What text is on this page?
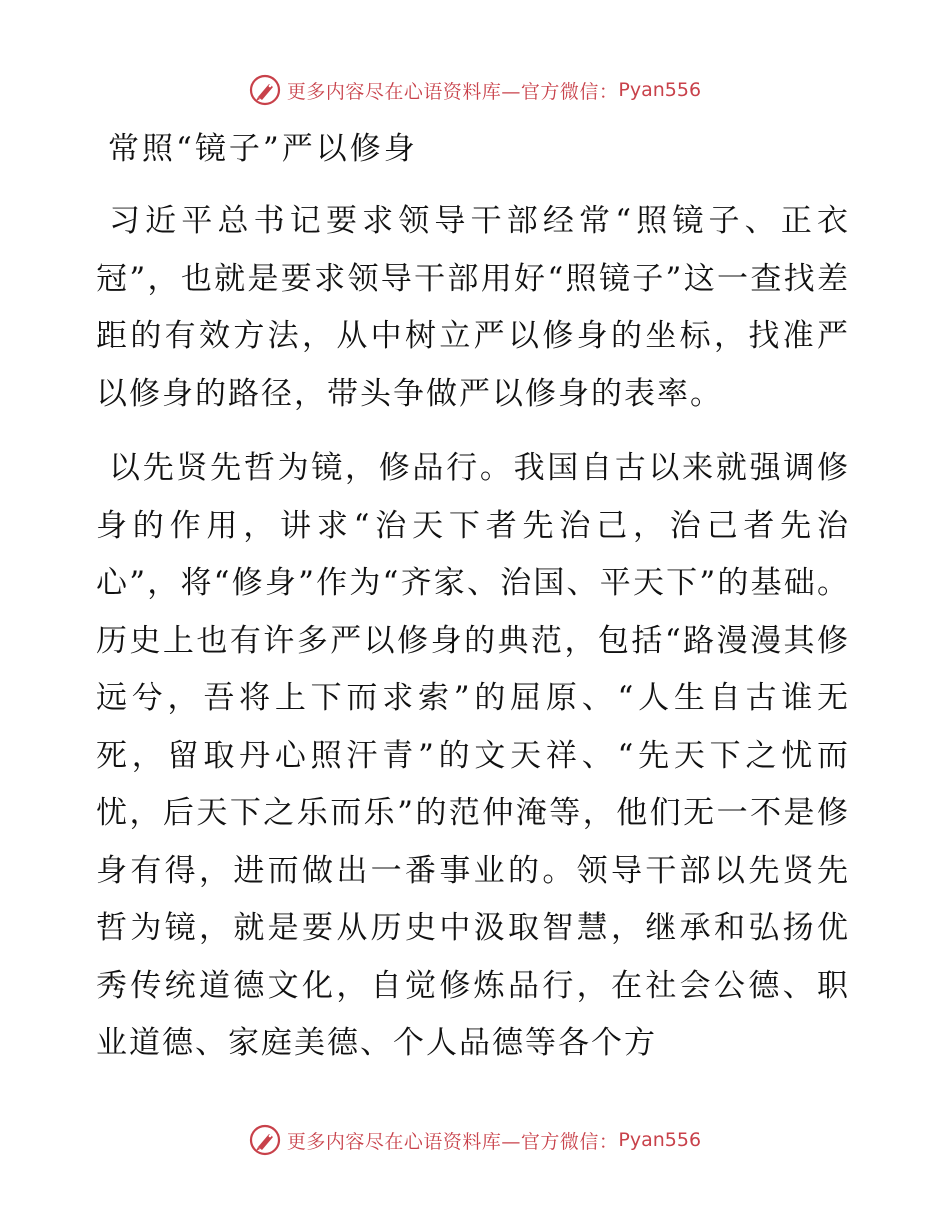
更多内容尽在心语资料库—官方微信： Pyan556
常照“镜子”严以修身
习近平总书记要求领导干部经常“照镜子、正衣冠”，也就是要求领导干部用好“照镜子”这一查找差距的有效方法，从中树立严以修身的坐标，找准严以修身的路径，带头争做严以修身的表率。
以先贤先哲为镜，修品行。我国自古以来就强调修身的作用，讲求“治天下者先治己，治己者先治心”，将“修身”作为“齐家、治国、平天下”的基础。历史上也有许多严以修身的典范，包括“路漫漫其修远兮，吾将上下而求索”的屈原、“人生自古谁无死，留取丹心照汗青”的文天祥、“先天下之忧而忧，后天下之乐而乐”的范仲淹等，他们无一不是修身有得，进而做出一番事业的。领导干部以先贤先哲为镜，就是要从历史中汲取智慧，继承和弘扬优秀传统道德文化，自觉修炼品行，在社会公德、职业道德、家庭美德、个人品德等各个方
更多内容尽在心语资料库—官方微信： Pyan556
